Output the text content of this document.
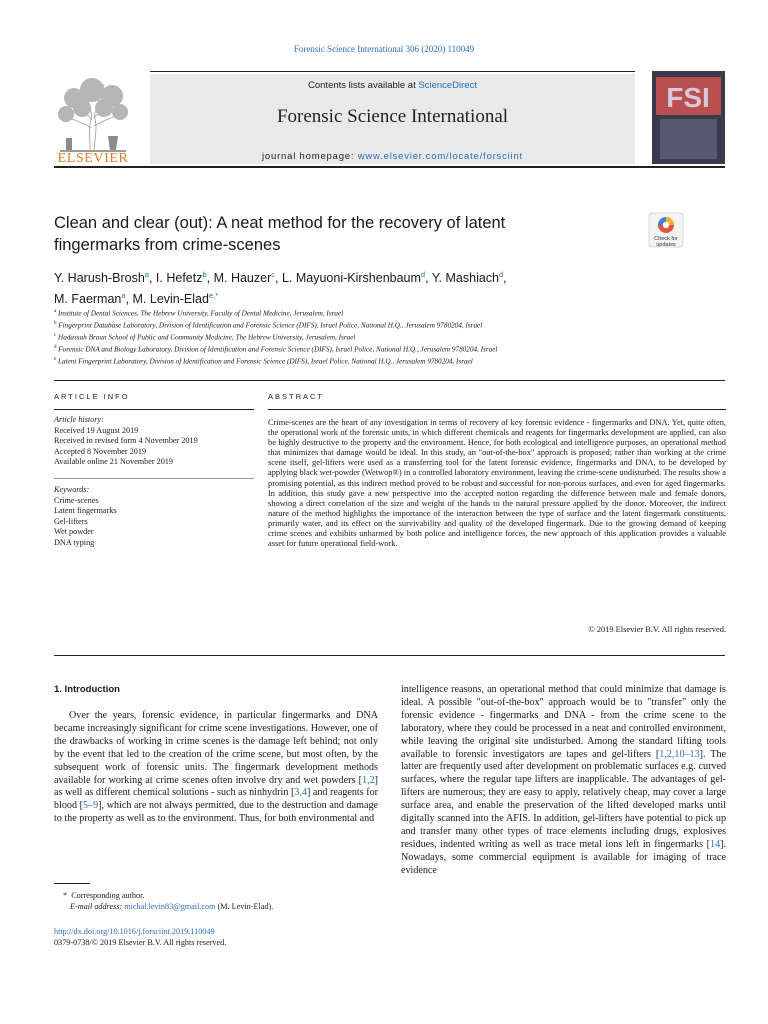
Forensic Science International 306 (2020) 110049
ELSEVIER
Contents lists available at ScienceDirect
Forensic Science International
journal homepage: www.elsevier.com/locate/forsciint
FSI
Clean and clear (out): A neat method for the recovery of latent
fingermarks from crime-scenes	Check for
updates
Y. Harush-Brosh$^a$, I. Hefetz$^b$, M. Hauzer$^c$, L. Mayuoni-Kirshenbaum$^d$, Y. Mashiach$^d$,
M. Faerman$^a$, M. Levin-Elad$^{e,*}$
$^a$ Institute of Dental Sciences, The Hebrew University, Faculty of Dental Medicine, Jerusalem, Israel
$^b$ Fingerprint Database Laboratory, Division of Identification and Forensic Science (DIFS), Israel Police, National H.Q., Jerusalem 9780204, Israel
$^c$ Hadassah Braun School of Public and Community Medicine, The Hebrew University, Jerusalem, Israel
$^d$ Forensic DNA and Biology Laboratory, Division of Identification and Forensic Science (DIFS), Israel Police, National H.Q., Jerusalem 9780204, Israel
$^e$ Latent Fingerprint Laboratory, Division of Identification and Forensic Science (DIFS), Israel Police, National H.Q., Jerusalem 9780204, Israel
ARTICLE INFO	ABSTRACT
Article history:
Received 19 August 2019
Received in revised form 4 November 2019
Accepted 8 November 2019
Available online 21 November 2019
Keywords:
Crime-scenes
Latent fingermarks
Gel-lifters
Wet powder
DNA typing
Crime-scenes are the heart of any investigation in terms of recovery of key forensic evidence - fingermarks and DNA. Yet, quite often, the operational work of the forensic units, in which different chemicals and reagents for fingermarks development are applied, can also be highly destructive to the property and the environment. Hence, for both ecological and intelligence purposes, an operational method that minimizes that damage would be ideal. In this study, an "out-of-the-box" approach is proposed; rather than working at the crime scene itself, gel-lifters were used as a transferring tool for the latent forensic evidence, fingermarks and DNA, to be developed by applying black wet-powder (Wetwop®) in a controlled laboratory environment, leaving the crime-scene undisturbed. The results show a promising potential, as this indirect method proved to be robust and successful for non-porous surfaces, and even for aged fingermarks. In addition, this study gave a new perspective into the accepted notion regarding the difference between male and female donors, showing a direct correlation of the size and weight of the hands to the natural pressure applied by the donor. Moreover, the indirect nature of the method highlights the importance of the interaction between the type of surface and the latent fingermark constituents, primarily water, and its effect on the survivability and quality of the developed fingermark. Due to the growing demand of keeping crime scenes and exhibits unharmed by both police and intelligence forces, the new approach of this application provides a valuable asset for future operational field-work.
© 2019 Elsevier B.V. All rights reserved.
1. Introduction
Over the years, forensic evidence, in particular fingermarks and DNA became increasingly significant for crime scene investigations. However, one of the drawbacks of working in crime scenes is the damage left behind; not only by the event that led to the creation of the crime scene, but most often, by the subsequent work of forensic units. The fingermark development methods available for working at crime scenes often involve dry and wet powders [1,2] as well as different chemical solutions - such as ninhydrin [3,4] and reagents for blood [5–9], which are not always permitted, due to the destruction and damage to the property as well as to the environment. Thus, for both environmental and
intelligence reasons, an operational method that could minimize that damage is ideal. A possible "out-of-the-box" approach would be to "transfer" only the forensic evidence - fingermarks and DNA - from the crime scene to the laboratory, where they could be processed in a neat and controlled environment, while leaving the original site undisturbed. Among the standard lifting tools available to forensic investigators are tapes and gel-lifters [1,2,10–13]. The latter are frequently used after development on problematic surfaces e.g. curved surfaces, where the regular tape lifters are inapplicable. The advantages of gel-lifters are numerous; they are easy to apply, relatively cheap, may cover a large surface area, and enable the preservation of the lifted developed marks until digitally scanned into the AFIS. In addition, gel-lifters have potential to pick up and transfer many other types of trace elements including drugs, explosives residues, indented writing as well as trace metal ions left in fingermarks [14]. Nowadays, some commercial equipment is available for imaging of trace evidence
* Corresponding author.
E-mail address: michal.levin83@gmail.com (M. Levin-Elad).
http://dx.doi.org/10.1016/j.forsciint.2019.110049
0379-0738/© 2019 Elsevier B.V. All rights reserved.
